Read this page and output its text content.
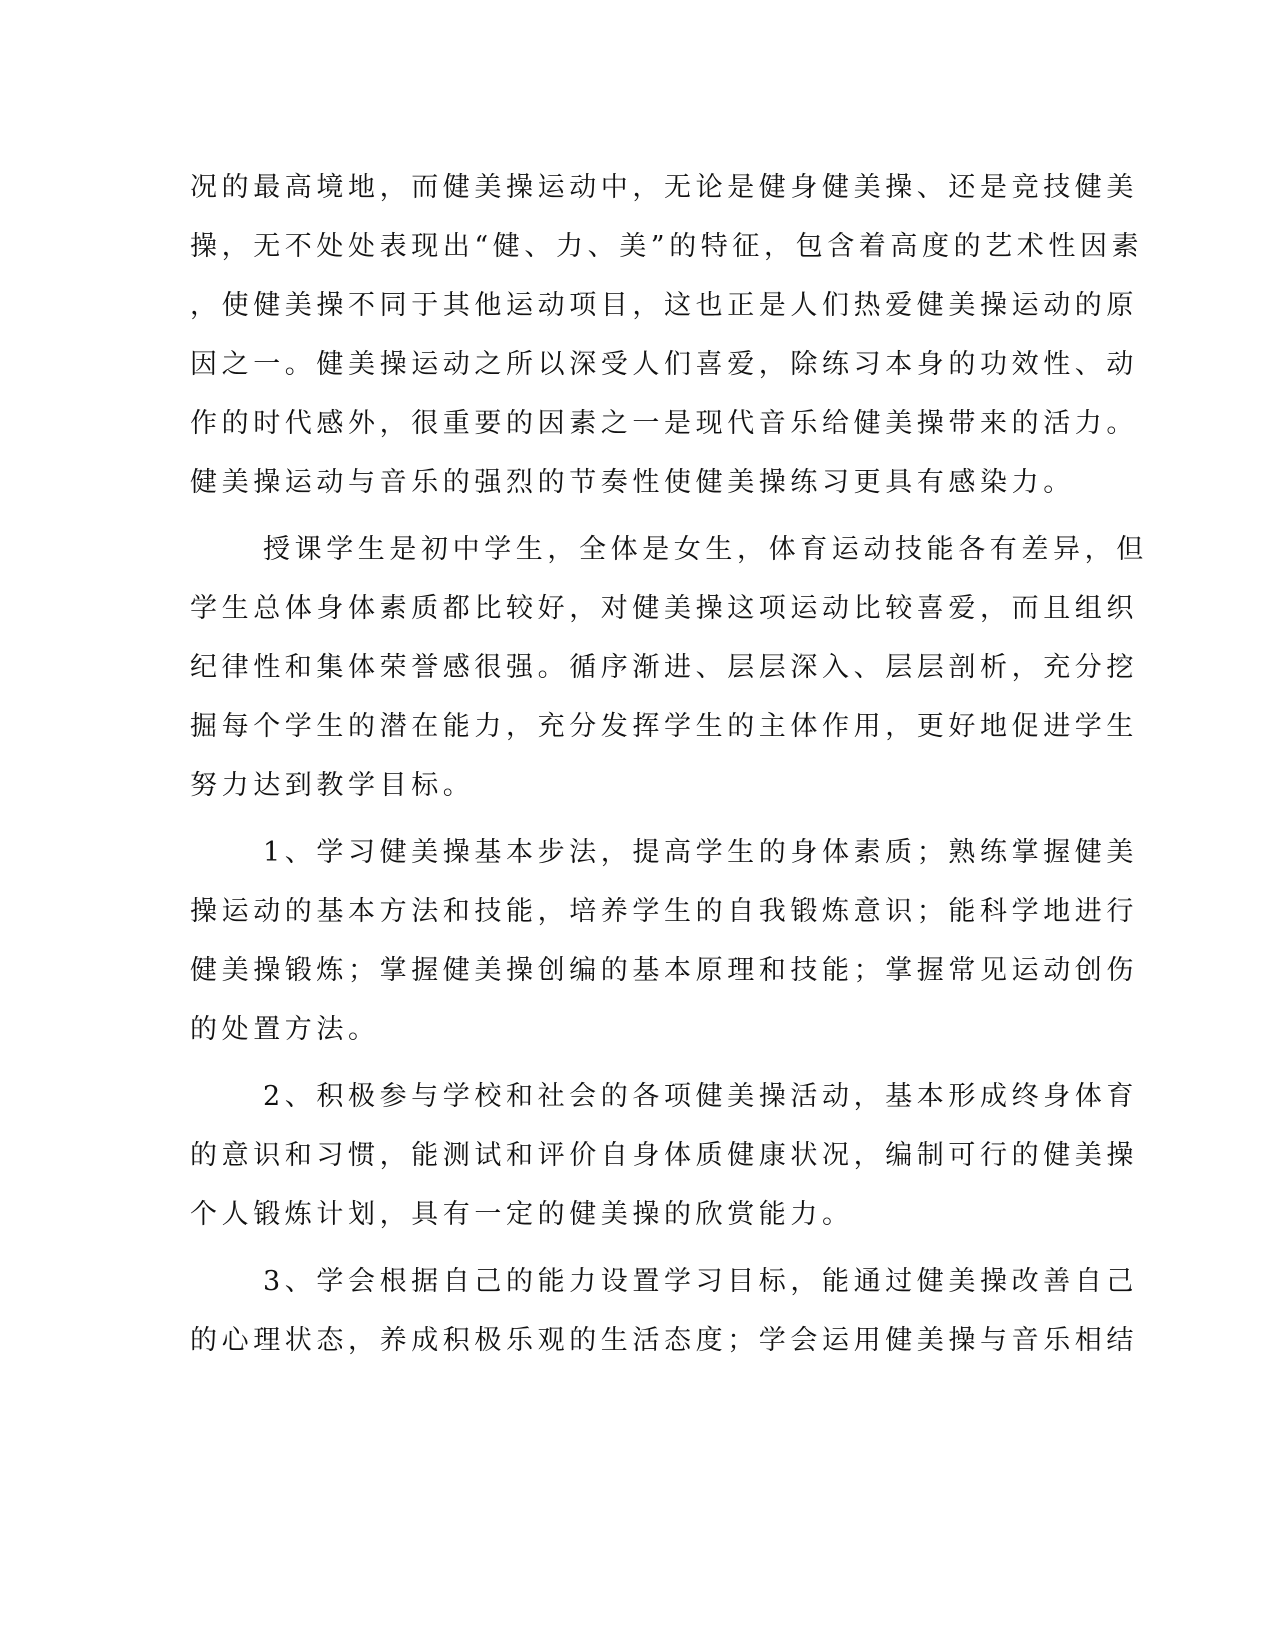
况的最高境地，而健美操运动中，无论是健身健美操、还是竞技健美
操，无不处处表现出“健、力、美”的特征，包含着高度的艺术性因素
，使健美操不同于其他运动项目，这也正是人们热爱健美操运动的原
因之一。健美操运动之所以深受人们喜爱，除练习本身的功效性、动
作的时代感外，很重要的因素之一是现代音乐给健美操带来的活力。
健美操运动与音乐的强烈的节奏性使健美操练习更具有感染力。
授课学生是初中学生，全体是女生，体育运动技能各有差异，但
学生总体身体素质都比较好，对健美操这项运动比较喜爱，而且组织
纪律性和集体荣誉感很强。循序渐进、层层深入、层层剖析，充分挖
掘每个学生的潜在能力，充分发挥学生的主体作用，更好地促进学生
努力达到教学目标。
1、学习健美操基本步法，提高学生的身体素质；熟练掌握健美
操运动的基本方法和技能，培养学生的自我锻炼意识；能科学地进行
健美操锻炼；掌握健美操创编的基本原理和技能；掌握常见运动创伤
的处置方法。
2、积极参与学校和社会的各项健美操活动，基本形成终身体育
的意识和习惯，能测试和评价自身体质健康状况，编制可行的健美操
个人锻炼计划，具有一定的健美操的欣赏能力。
3、学会根据自己的能力设置学习目标，能通过健美操改善自己
的心理状态，养成积极乐观的生活态度；学会运用健美操与音乐相结
